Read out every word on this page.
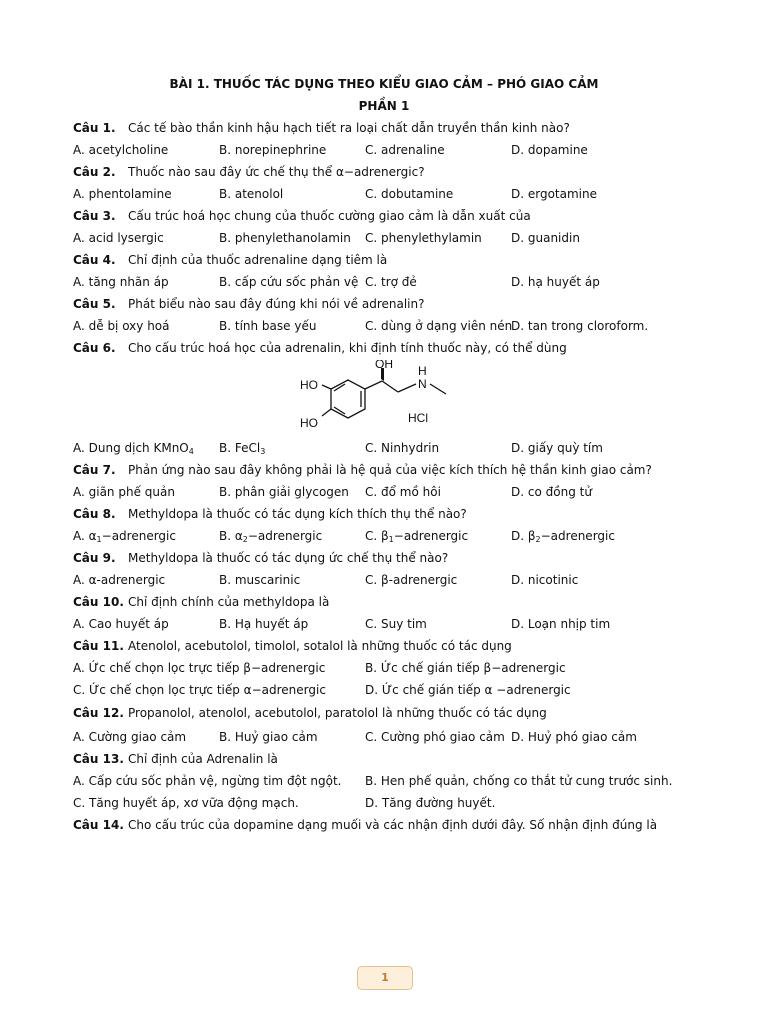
BÀI 1. THUỐC TÁC DỤNG THEO KIỂU GIAO CẢM – PHÓ GIAO CẢM
PHẦN 1
Câu 1. Các tế bào thần kinh hậu hạch tiết ra loại chất dẫn truyền thần kinh nào?
A. acetylcholine	B. norepinephrine	C. adrenaline	D. dopamine
Câu 2. Thuốc nào sau đây ức chế thụ thể α−adrenergic?
A. phentolamine	B. atenolol	C. dobutamine	D. ergotamine
Câu 3. Cấu trúc hoá học chung của thuốc cường giao cảm là dẫn xuất của
A. acid lysergic	B. phenylethanolamin C. phenylethylamin D. guanidin
Câu 4. Chỉ định của thuốc adrenaline dạng tiêm là
A. tăng nhãn áp	B. cấp cứu sốc phản vệ C. trợ đẻ	D. hạ huyết áp
Câu 5. Phát biểu nào sau đây đúng khi nói về adrenalin?
A. dễ bị oxy hoá	B. tính base yếu	C. dùng ở dạng viên nén
D. tan trong cloroform.
Câu 6. Cho cấu trúc hoá học của adrenalin, khi định tính thuốc này, có thể dùng
OH
HO
HO
N
H
HCl
A. Dung dịch KMnO$_4$ B. FeCl$_3$	C. Ninhydrin	D. giấy quỳ tím
Câu 7. Phản ứng nào sau đây không phải là hệ quả của việc kích thích hệ thần kinh giao cảm?
A. giãn phế quản	B. phân giải glycogen C. đổ mồ hôi	D. co đồng tử
Câu 8. Methyldopa là thuốc có tác dụng kích thích thụ thể nào?
A. $\alpha_1-adrenergic$	B. $\alpha_2-adrenergic$	C. $\beta_1-adrenergic$	D. $\beta_2-adrenergic$
Câu 9. Methyldopa là thuốc có tác dụng ức chế thụ thể nào?
A. α-adrenergic	B. muscarinic	C. β-adrenergic	D. nicotinic
Câu 10. Chỉ định chính của methyldopa là
A. Cao huyết áp	B. Hạ huyết áp	C. Suy tim	D. Loạn nhịp tim
Câu 11. Atenolol, acebutolol, timolol, sotalol là những thuốc có tác dụng
A. Ức chế chọn lọc trực tiếp β−adrenergic	B. Ức chế gián tiếp β−adrenergic
C. Ức chế chọn lọc trực tiếp α−adrenergic	D. Ức chế gián tiếp α −adrenergic
Câu 12. Propanolol, atenolol, acebutolol, paratolol là những thuốc có tác dụng
A. Cường giao cảm	B. Huỷ giao cảm	C. Cường phó giao cảm D. Huỷ phó giao cảm
Câu 13. Chỉ định của Adrenalin là
A. Cấp cứu sốc phản vệ, ngừng tim đột ngột. B. Hen phế quản, chống co thắt tử cung trước sinh.
C. Tăng huyết áp, xơ vữa động mạch.	D. Tăng đường huyết.
Câu 14. Cho cấu trúc của dopamine dạng muối và các nhận định dưới đây. Số nhận định đúng là
1
